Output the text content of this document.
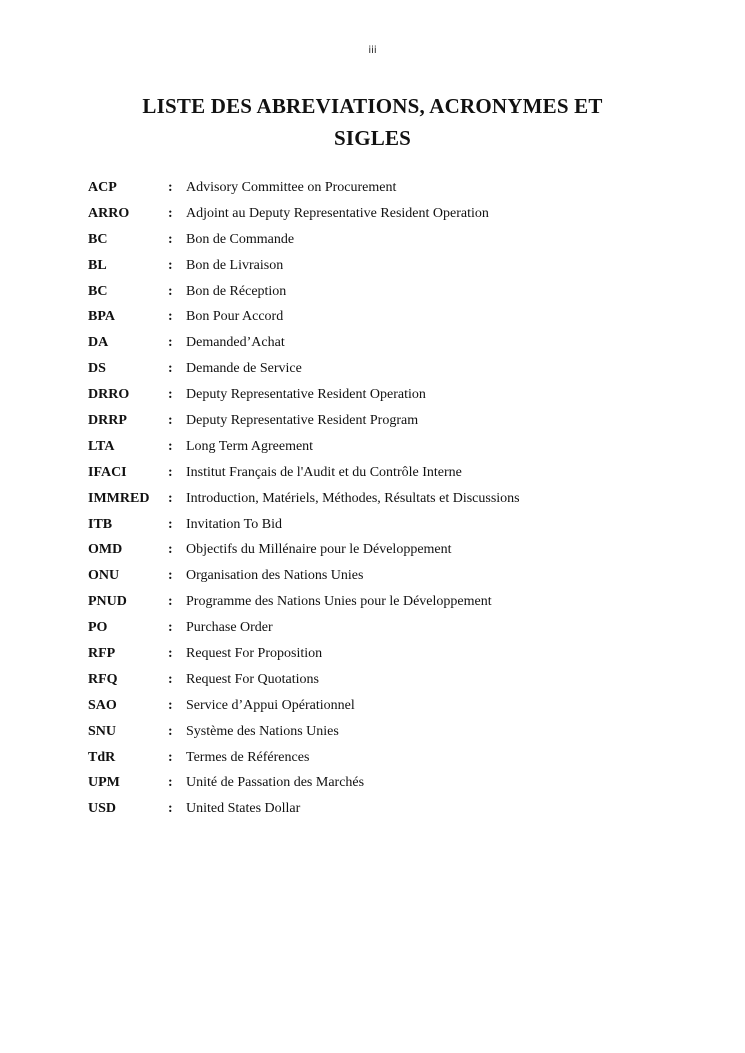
iii
LISTE DES ABREVIATIONS, ACRONYMES ET
SIGLES
ACP	: Advisory Committee on Procurement
ARRO	: Adjoint au Deputy Representative Resident Operation
BC	: Bon de Commande
BL	: Bon de Livraison
BC	: Bon de Réception
BPA	: Bon Pour Accord
DA	: Demanded’Achat
DS	: Demande de Service
DRRO	: Deputy Representative Resident Operation
DRRP	: Deputy Representative Resident Program
LTA	: Long Term Agreement
IFACI	: Institut Français de l'Audit et du Contrôle Interne
IMMRED	: Introduction, Matériels, Méthodes, Résultats et Discussions
ITB	: Invitation To Bid
OMD	: Objectifs du Millénaire pour le Développement
ONU	: Organisation des Nations Unies
PNUD	: Programme des Nations Unies pour le Développement
PO	: Purchase Order
RFP	: Request For Proposition
RFQ	: Request For Quotations
SAO	: Service d’Appui Opérationnel
SNU	: Système des Nations Unies
TdR	: Termes de Références
UPM	: Unité de Passation des Marchés
USD	: United States Dollar
